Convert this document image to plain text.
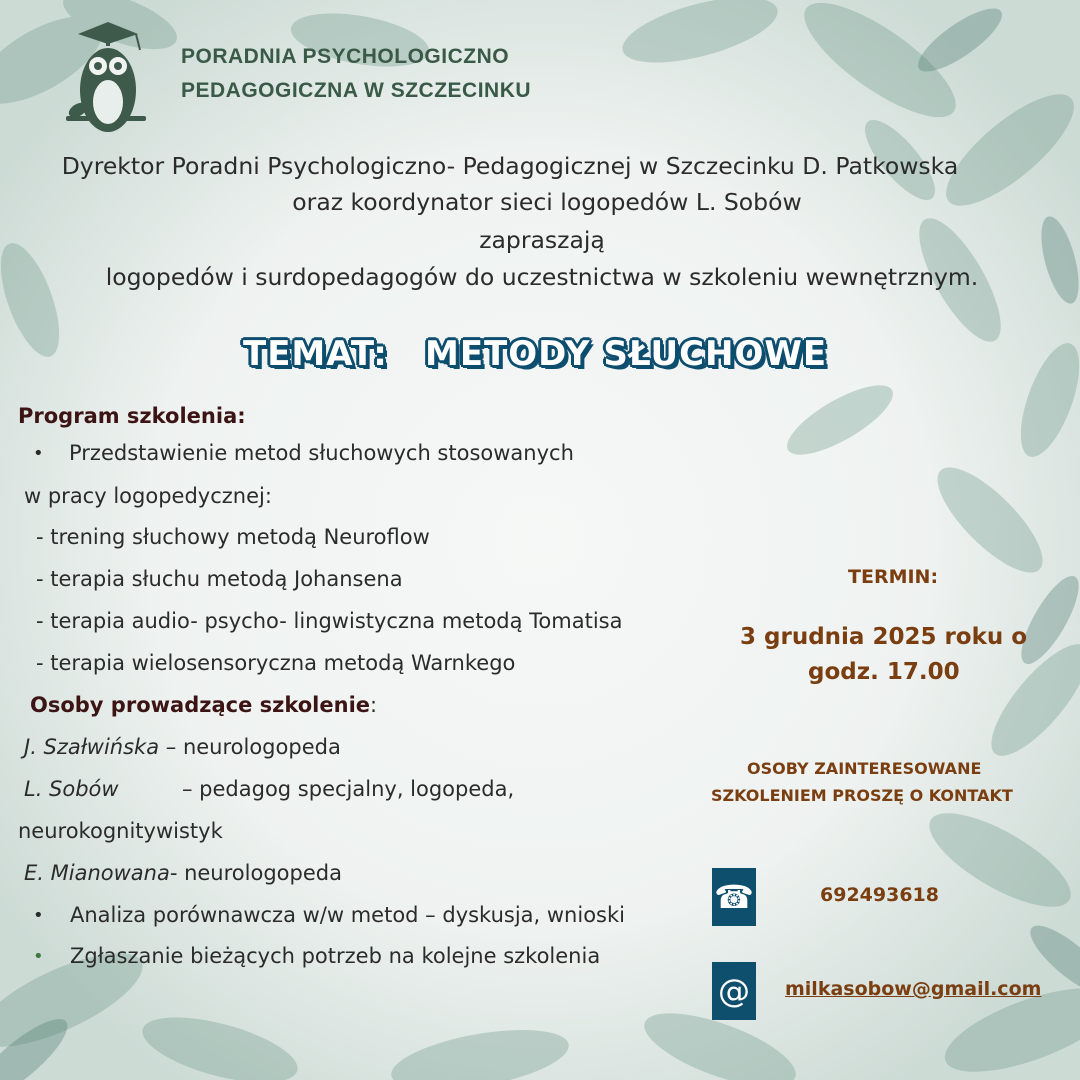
PORADNIA PSYCHOLOGICZNO
PEDAGOGICZNA W SZCZECINKU
Dyrektor Poradni Psychologiczno- Pedagogicznej w Szczecinku D. Patkowska
oraz koordynator sieci logopedów L. Sobów
zapraszają
logopedów i surdopedagogów do uczestnictwa w szkoleniu wewnętrznym.
TEMAT: METODY SŁUCHOWE
Program szkolenia:
• Przedstawienie metod słuchowych stosowanych
w pracy logopedycznej:
- trening słuchowy metodą Neuroflow
- terapia słuchu metodą Johansena
- terapia audio- psycho- lingwistyczna metodą Tomatisa
- terapia wielosensoryczna metodą Warnkego
Osoby prowadzące szkolenie:
J. Szałwińska – neurologopeda
L. Sobów	– pedagog specjalny, logopeda,
neurokognitywistyk
E. Mianowana- neurologopeda
• Analiza porównawcza w/w metod – dyskusja, wnioski
• Zgłaszanie bieżących potrzeb na kolejne szkolenia
TERMIN:
3 grudnia 2025 roku o
godz. 17.00
OSOBY ZAINTERESOWANE
SZKOLENIEM PROSZĘ O KONTAKT
☎	692493618
@	milkasobow@gmail.com
